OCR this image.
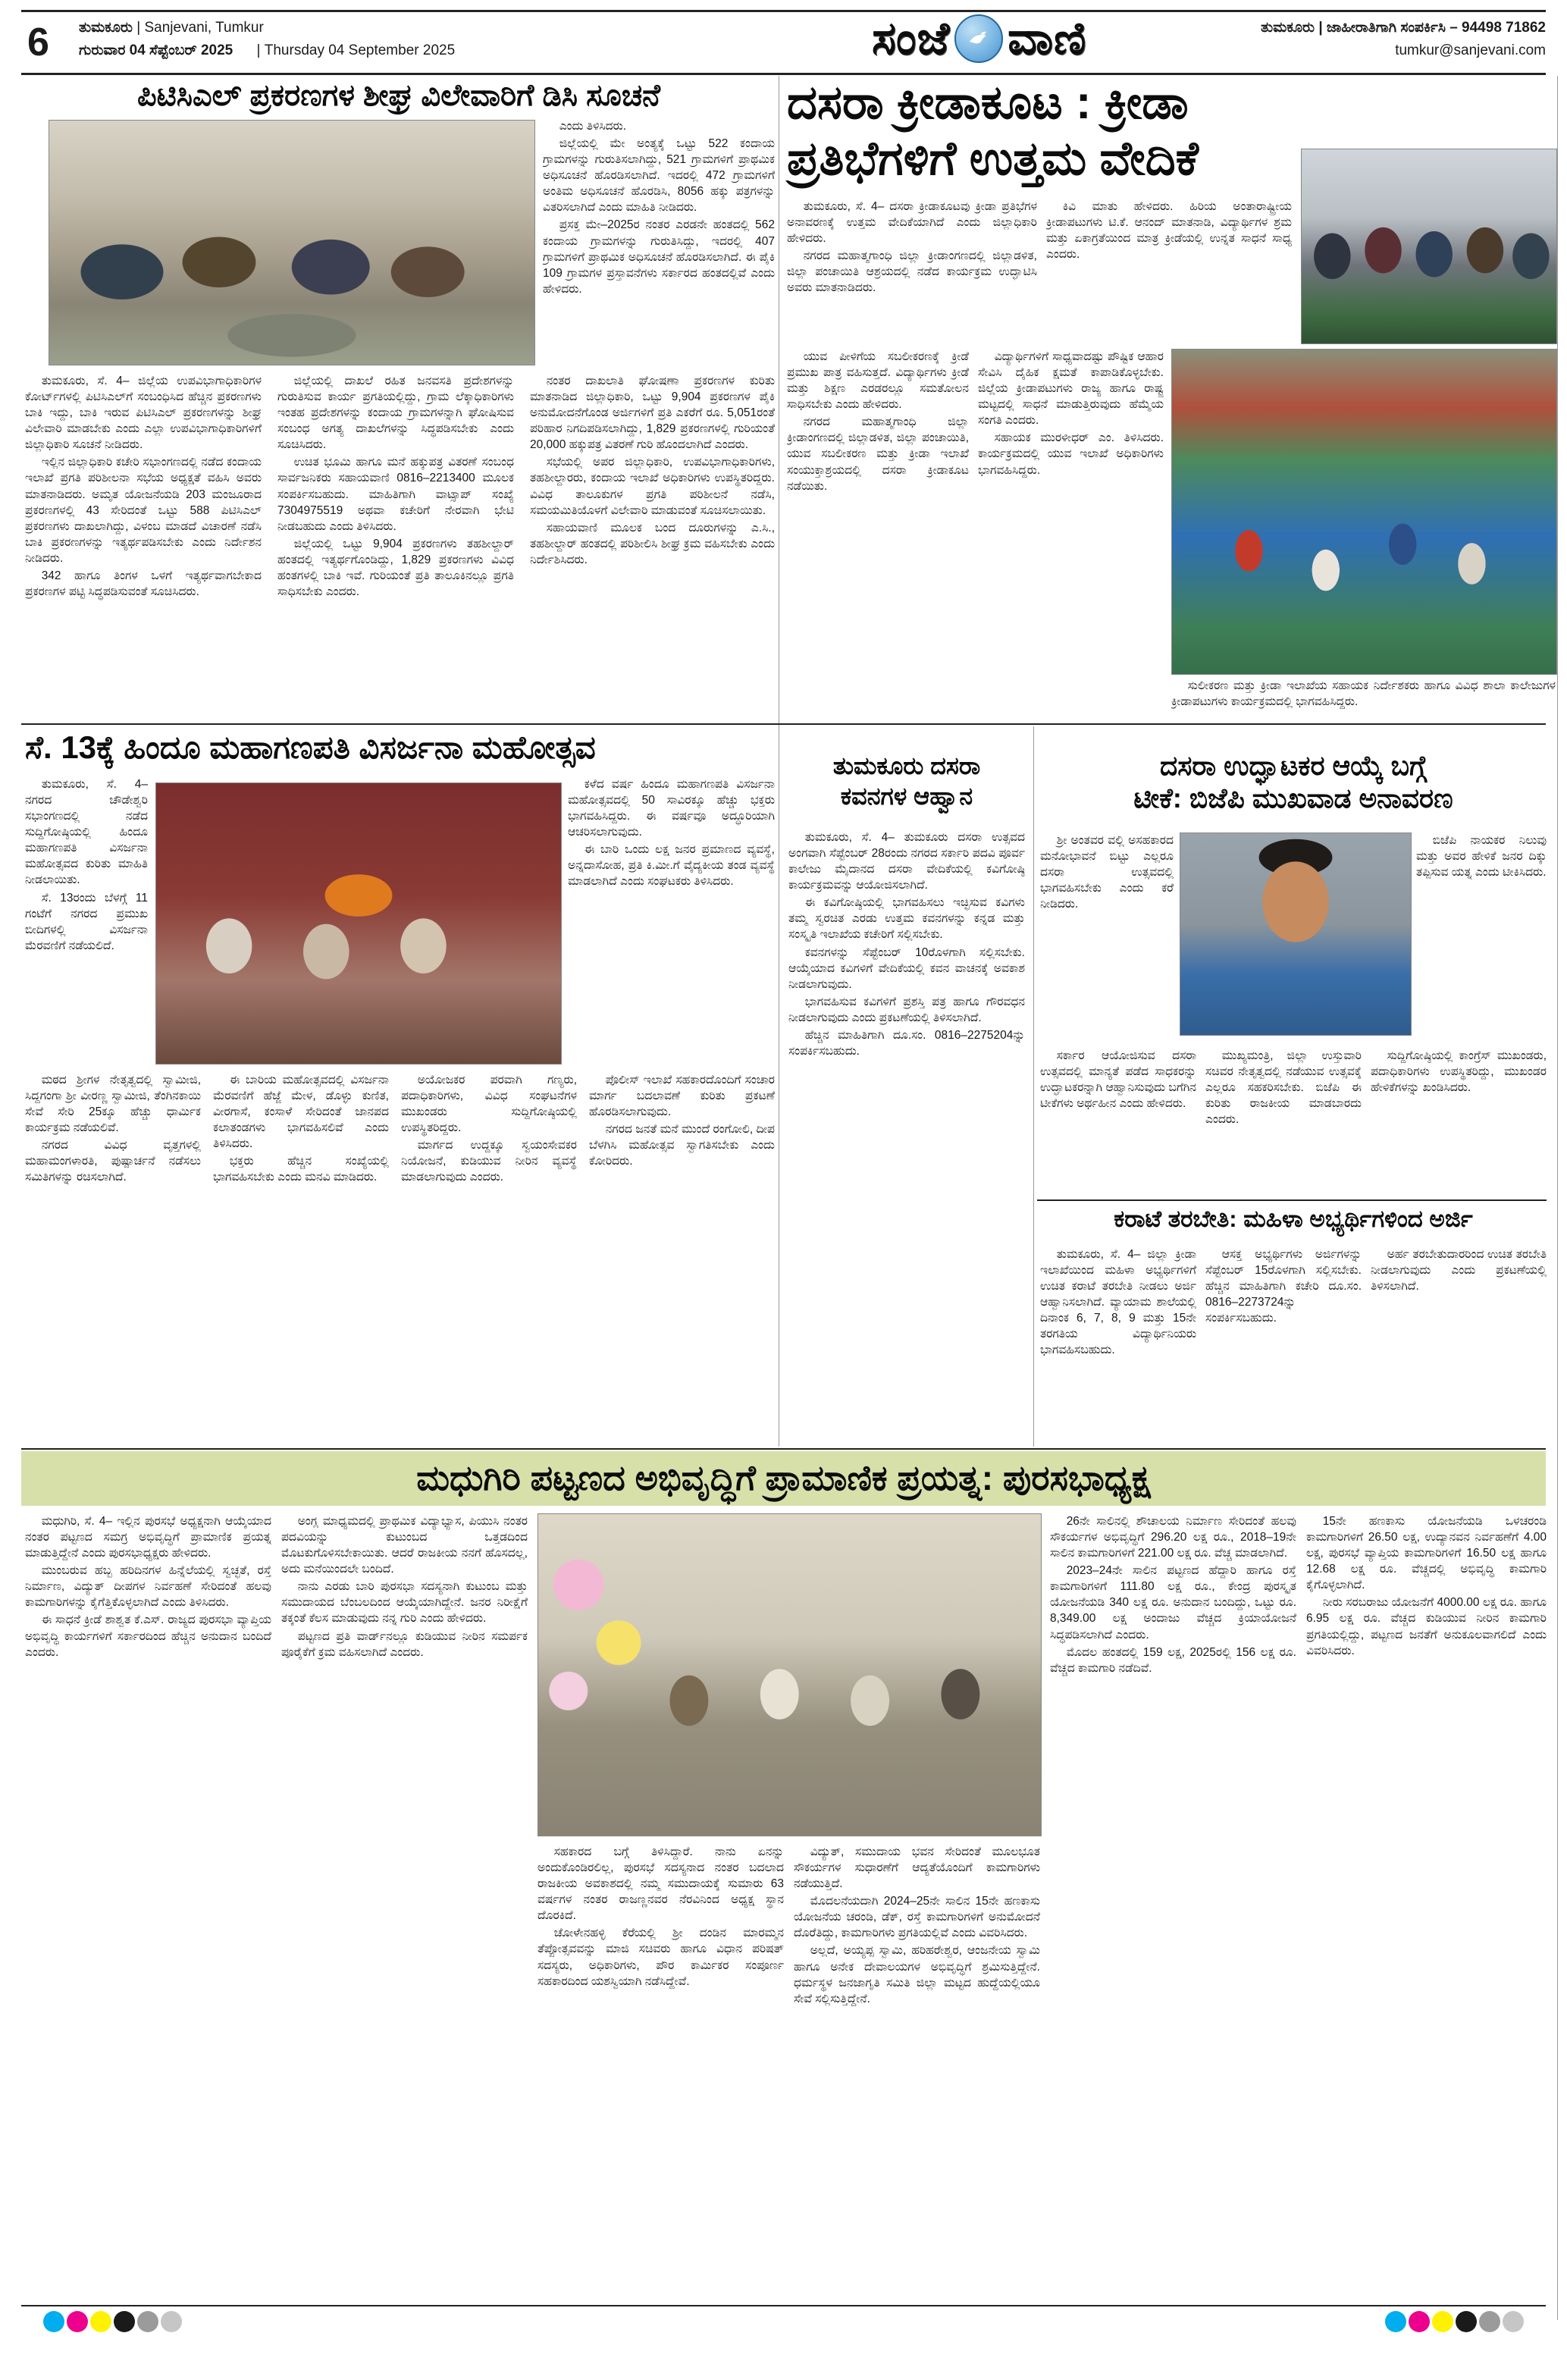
6 ತುಮಕೂರು | Sanjevani, Tumkur
ಗುರುವಾರ 04 ಸೆಪ್ಟೆಂಬರ್ 2025 | Thursday 04 September 2025	ಸಂಜೆ ವಾಣಿ	ತುಮಕೂರು | ಜಾಹೀರಾತಿಗಾಗಿ ಸಂಪರ್ಕಿಸಿ – 94498 71862
tumkur@sanjevani.com
ಪಿಟಿಸಿಎಲ್ ಪ್ರಕರಣಗಳ ಶೀಘ್ರ ವಿಲೇವಾರಿಗೆ ಡಿಸಿ ಸೂಚನೆ

ಎಂದು ತಿಳಿಸಿದರು.

ಜಿಲ್ಲೆಯಲ್ಲಿ ಮೇ ಅಂತ್ಯಕ್ಕೆ ಒಟ್ಟು 522 ಕಂದಾಯ ಗ್ರಾಮಗಳನ್ನು ಗುರುತಿಸಲಾಗಿದ್ದು, 521 ಗ್ರಾಮಗಳಿಗೆ ಪ್ರಾಥಮಿಕ ಅಧಿಸೂಚನೆ ಹೊರಡಿಸಲಾಗಿದೆ. ಇದರಲ್ಲಿ 472 ಗ್ರಾಮಗಳಿಗೆ ಅಂತಿಮ ಅಧಿಸೂಚನೆ ಹೊರಡಿಸಿ, 8056 ಹಕ್ಕು ಪತ್ರಗಳನ್ನು ವಿತರಿಸಲಾಗಿದೆ ಎಂದು ಮಾಹಿತಿ ನೀಡಿದರು.

ಪ್ರಸಕ್ತ ಮೇ–2025ರ ನಂತರ ಎರಡನೇ ಹಂತದಲ್ಲಿ 562 ಕಂದಾಯ ಗ್ರಾಮಗಳನ್ನು ಗುರುತಿಸಿದ್ದು, ಇದರಲ್ಲಿ 407 ಗ್ರಾಮಗಳಿಗೆ ಪ್ರಾಥಮಿಕ ಅಧಿಸೂಚನೆ ಹೊರಡಿಸಲಾಗಿದೆ. ಈ ಪೈಕಿ 109 ಗ್ರಾಮಗಳ ಪ್ರಸ್ತಾವನೆಗಳು ಸರ್ಕಾರದ ಹಂತದಲ್ಲಿವೆ ಎಂದು ಹೇಳಿದರು.

ತುಮಕೂರು, ಸೆ. 4– ಜಿಲ್ಲೆಯ ಉಪವಿಭಾಗಾಧಿಕಾರಿಗಳ ಕೋರ್ಟ್‌ಗಳಲ್ಲಿ ಪಿಟಿಸಿಎಲ್‌ಗೆ ಸಂಬಂಧಿಸಿದ ಹೆಚ್ಚಿನ ಪ್ರಕರಣಗಳು ಬಾಕಿ ಇದ್ದು, ಬಾಕಿ ಇರುವ ಪಿಟಿಸಿಎಲ್ ಪ್ರಕರಣಗಳನ್ನು ಶೀಘ್ರ ವಿಲೇವಾರಿ ಮಾಡಬೇಕು ಎಂದು ಎಲ್ಲಾ ಉಪವಿಭಾಗಾಧಿಕಾರಿಗಳಿಗೆ ಜಿಲ್ಲಾಧಿಕಾರಿ ಸೂಚನೆ ನೀಡಿದರು.

ಇಲ್ಲಿನ ಜಿಲ್ಲಾಧಿಕಾರಿ ಕಚೇರಿ ಸಭಾಂಗಣದಲ್ಲಿ ನಡೆದ ಕಂದಾಯ ಇಲಾಖೆ ಪ್ರಗತಿ ಪರಿಶೀಲನಾ ಸಭೆಯ ಅಧ್ಯಕ್ಷತೆ ವಹಿಸಿ ಅವರು ಮಾತನಾಡಿದರು. ಅಮೃತ ಯೋಜನೆಯಡಿ 203 ಮಂಜೂರಾದ ಪ್ರಕರಣಗಳಲ್ಲಿ 43 ಸೇರಿದಂತೆ ಒಟ್ಟು 588 ಪಿಟಿಸಿಎಲ್ ಪ್ರಕರಣಗಳು ದಾಖಲಾಗಿದ್ದು, ವಿಳಂಬ ಮಾಡದೆ ವಿಚಾರಣೆ ನಡೆಸಿ ಬಾಕಿ ಪ್ರಕರಣಗಳನ್ನು ಇತ್ಯರ್ಥಪಡಿಸಬೇಕು ಎಂದು ನಿರ್ದೇಶನ ನೀಡಿದರು.

342 ಹಾಗೂ ತಿಂಗಳ ಒಳಗೆ ಇತ್ಯರ್ಥವಾಗಬೇಕಾದ ಪ್ರಕರಣಗಳ ಪಟ್ಟಿ ಸಿದ್ಧಪಡಿಸುವಂತೆ ಸೂಚಿಸಿದರು.

ಜಿಲ್ಲೆಯಲ್ಲಿ ದಾಖಲೆ ರಹಿತ ಜನವಸತಿ ಪ್ರದೇಶಗಳನ್ನು ಗುರುತಿಸುವ ಕಾರ್ಯ ಪ್ರಗತಿಯಲ್ಲಿದ್ದು, ಗ್ರಾಮ ಲೆಕ್ಕಾಧಿಕಾರಿಗಳು ಇಂತಹ ಪ್ರದೇಶಗಳನ್ನು ಕಂದಾಯ ಗ್ರಾಮಗಳನ್ನಾಗಿ ಘೋಷಿಸುವ ಸಂಬಂಧ ಅಗತ್ಯ ದಾಖಲೆಗಳನ್ನು ಸಿದ್ಧಪಡಿಸಬೇಕು ಎಂದು ಸೂಚಿಸಿದರು.

ಉಚಿತ ಭೂಮಿ ಹಾಗೂ ಮನೆ ಹಕ್ಕುಪತ್ರ ವಿತರಣೆ ಸಂಬಂಧ ಸಾರ್ವಜನಿಕರು ಸಹಾಯವಾಣಿ 0816–2213400 ಮೂಲಕ ಸಂಪರ್ಕಿಸಬಹುದು. ಮಾಹಿತಿಗಾಗಿ ವಾಟ್ಸಾಪ್ ಸಂಖ್ಯೆ 7304975519 ಅಥವಾ ಕಚೇರಿಗೆ ನೇರವಾಗಿ ಭೇಟಿ ನೀಡಬಹುದು ಎಂದು ತಿಳಿಸಿದರು.

ಜಿಲ್ಲೆಯಲ್ಲಿ ಒಟ್ಟು 9,904 ಪ್ರಕರಣಗಳು ತಹಶೀಲ್ದಾರ್ ಹಂತದಲ್ಲಿ ಇತ್ಯರ್ಥಗೊಂಡಿದ್ದು, 1,829 ಪ್ರಕರಣಗಳು ವಿವಿಧ ಹಂತಗಳಲ್ಲಿ ಬಾಕಿ ಇವೆ. ಗುರಿಯಂತೆ ಪ್ರತಿ ತಾಲೂಕಿನಲ್ಲೂ ಪ್ರಗತಿ ಸಾಧಿಸಬೇಕು ಎಂದರು.

ನಂತರ ದಾಖಲಾತಿ ಘೋಷಣಾ ಪ್ರಕರಣಗಳ ಕುರಿತು ಮಾತನಾಡಿದ ಜಿಲ್ಲಾಧಿಕಾರಿ, ಒಟ್ಟು 9,904 ಪ್ರಕರಣಗಳ ಪೈಕಿ ಅನುಮೋದನೆಗೊಂಡ ಅರ್ಜಿಗಳಿಗೆ ಪ್ರತಿ ಎಕರೆಗೆ ರೂ. 5,051ರಂತೆ ಪರಿಹಾರ ನಿಗದಿಪಡಿಸಲಾಗಿದ್ದು, 1,829 ಪ್ರಕರಣಗಳಲ್ಲಿ ಗುರಿಯಂತೆ 20,000 ಹಕ್ಕುಪತ್ರ ವಿತರಣೆ ಗುರಿ ಹೊಂದಲಾಗಿದೆ ಎಂದರು.

ಸಭೆಯಲ್ಲಿ ಅಪರ ಜಿಲ್ಲಾಧಿಕಾರಿ, ಉಪವಿಭಾಗಾಧಿಕಾರಿಗಳು, ತಹಶೀಲ್ದಾರರು, ಕಂದಾಯ ಇಲಾಖೆ ಅಧಿಕಾರಿಗಳು ಉಪಸ್ಥಿತರಿದ್ದರು. ವಿವಿಧ ತಾಲೂಕುಗಳ ಪ್ರಗತಿ ಪರಿಶೀಲನೆ ನಡೆಸಿ, ಸಮಯಮಿತಿಯೊಳಗೆ ವಿಲೇವಾರಿ ಮಾಡುವಂತೆ ಸೂಚಿಸಲಾಯಿತು.

ಸಹಾಯವಾಣಿ ಮೂಲಕ ಬಂದ ದೂರುಗಳನ್ನು ಎ.ಸಿ., ತಹಶೀಲ್ದಾರ್ ಹಂತದಲ್ಲಿ ಪರಿಶೀಲಿಸಿ ಶೀಘ್ರ ಕ್ರಮ ವಹಿಸಬೇಕು ಎಂದು ನಿರ್ದೇಶಿಸಿದರು.

ದಸರಾ ಕ್ರೀಡಾಕೂಟ : ಕ್ರೀಡಾ
ಪ್ರತಿಭೆಗಳಿಗೆ ಉತ್ತಮ ವೇದಿಕೆ

ತುಮಕೂರು, ಸೆ. 4– ದಸರಾ ಕ್ರೀಡಾಕೂಟವು ಕ್ರೀಡಾ ಪ್ರತಿಭೆಗಳ ಅನಾವರಣಕ್ಕೆ ಉತ್ತಮ ವೇದಿಕೆಯಾಗಿದೆ ಎಂದು ಜಿಲ್ಲಾಧಿಕಾರಿ ಹೇಳಿದರು.

ನಗರದ ಮಹಾತ್ಮಗಾಂಧಿ ಜಿಲ್ಲಾ ಕ್ರೀಡಾಂಗಣದಲ್ಲಿ ಜಿಲ್ಲಾಡಳಿತ, ಜಿಲ್ಲಾ ಪಂಚಾಯಿತಿ ಆಶ್ರಯದಲ್ಲಿ ನಡೆದ ಕಾರ್ಯಕ್ರಮ ಉದ್ಘಾಟಿಸಿ ಅವರು ಮಾತನಾಡಿದರು.

ಕಿವಿ ಮಾತು ಹೇಳಿದರು. ಹಿರಿಯ ಅಂತಾರಾಷ್ಟ್ರೀಯ ಕ್ರೀಡಾಪಟುಗಳು ಟಿ.ಕೆ. ಆನಂದ್ ಮಾತನಾಡಿ, ವಿದ್ಯಾರ್ಥಿಗಳ ಶ್ರಮ ಮತ್ತು ಏಕಾಗ್ರತೆಯಿಂದ ಮಾತ್ರ ಕ್ರೀಡೆಯಲ್ಲಿ ಉನ್ನತ ಸಾಧನೆ ಸಾಧ್ಯ ಎಂದರು.

ಯುವ ಪೀಳಿಗೆಯ ಸಬಲೀಕರಣಕ್ಕೆ ಕ್ರೀಡೆ ಪ್ರಮುಖ ಪಾತ್ರ ವಹಿಸುತ್ತದೆ. ವಿದ್ಯಾರ್ಥಿಗಳು ಕ್ರೀಡೆ ಮತ್ತು ಶಿಕ್ಷಣ ಎರಡರಲ್ಲೂ ಸಮತೋಲನ ಸಾಧಿಸಬೇಕು ಎಂದು ಹೇಳಿದರು.

ನಗರದ ಮಹಾತ್ಮಗಾಂಧಿ ಜಿಲ್ಲಾ ಕ್ರೀಡಾಂಗಣದಲ್ಲಿ ಜಿಲ್ಲಾಡಳಿತ, ಜಿಲ್ಲಾ ಪಂಚಾಯಿತಿ, ಯುವ ಸಬಲೀಕರಣ ಮತ್ತು ಕ್ರೀಡಾ ಇಲಾಖೆ ಸಂಯುಕ್ತಾಶ್ರಯದಲ್ಲಿ ದಸರಾ ಕ್ರೀಡಾಕೂಟ ನಡೆಯಿತು.

ವಿದ್ಯಾರ್ಥಿಗಳಿಗೆ ಸಾಧ್ಯವಾದಷ್ಟು ಪೌಷ್ಟಿಕ ಆಹಾರ ಸೇವಿಸಿ ದೈಹಿಕ ಕ್ಷಮತೆ ಕಾಪಾಡಿಕೊಳ್ಳಬೇಕು. ಜಿಲ್ಲೆಯ ಕ್ರೀಡಾಪಟುಗಳು ರಾಜ್ಯ ಹಾಗೂ ರಾಷ್ಟ್ರ ಮಟ್ಟದಲ್ಲಿ ಸಾಧನೆ ಮಾಡುತ್ತಿರುವುದು ಹೆಮ್ಮೆಯ ಸಂಗತಿ ಎಂದರು.

ಸಹಾಯಕ ಮುರಳೀಧರ್ ಎಂ. ತಿಳಿಸಿದರು. ಕಾರ್ಯಕ್ರಮದಲ್ಲಿ ಯುವ ಇಲಾಖೆ ಅಧಿಕಾರಿಗಳು ಭಾಗವಹಿಸಿದ್ದರು.

ಸುಲೀಕರಣ ಮತ್ತು ಕ್ರೀಡಾ ಇಲಾಖೆಯ ಸಹಾಯಕ ನಿರ್ದೇಶಕರು ಹಾಗೂ ವಿವಿಧ ಶಾಲಾ ಕಾಲೇಜುಗಳ ಕ್ರೀಡಾಪಟುಗಳು ಕಾರ್ಯಕ್ರಮದಲ್ಲಿ ಭಾಗವಹಿಸಿದ್ದರು.

ಸೆ. 13ಕ್ಕೆ ಹಿಂದೂ ಮಹಾಗಣಪತಿ ವಿಸರ್ಜನಾ ಮಹೋತ್ಸವ

ತುಮಕೂರು, ಸೆ. 4– ನಗರದ ಚೌಡೇಶ್ವರಿ ಸಭಾಂಗಣದಲ್ಲಿ ನಡೆದ ಸುದ್ದಿಗೋಷ್ಠಿಯಲ್ಲಿ ಹಿಂದೂ ಮಹಾಗಣಪತಿ ವಿಸರ್ಜನಾ ಮಹೋತ್ಸವದ ಕುರಿತು ಮಾಹಿತಿ ನೀಡಲಾಯಿತು.

ಸೆ. 13ರಂದು ಬೆಳಗ್ಗೆ 11 ಗಂಟೆಗೆ ನಗರದ ಪ್ರಮುಖ ಬೀದಿಗಳಲ್ಲಿ ವಿಸರ್ಜನಾ ಮೆರವಣಿಗೆ ನಡೆಯಲಿದೆ.

ಕಳೆದ ವರ್ಷ ಹಿಂದೂ ಮಹಾಗಣಪತಿ ವಿಸರ್ಜನಾ ಮಹೋತ್ಸವದಲ್ಲಿ 50 ಸಾವಿರಕ್ಕೂ ಹೆಚ್ಚು ಭಕ್ತರು ಭಾಗವಹಿಸಿದ್ದರು. ಈ ವರ್ಷವೂ ಅದ್ಧೂರಿಯಾಗಿ ಆಚರಿಸಲಾಗುವುದು.

ಈ ಬಾರಿ ಒಂದು ಲಕ್ಷ ಜನರ ಪ್ರಮಾಣದ ವ್ಯವಸ್ಥೆ, ಅನ್ನದಾಸೋಹ, ಪ್ರತಿ ಕಿ.ಮೀ.ಗೆ ವೈದ್ಯಕೀಯ ತಂಡ ವ್ಯವಸ್ಥೆ ಮಾಡಲಾಗಿದೆ ಎಂದು ಸಂಘಟಕರು ತಿಳಿಸಿದರು.

ಮಠದ ಶ್ರೀಗಳ ನೇತೃತ್ವದಲ್ಲಿ ಸ್ವಾಮೀಜಿ, ಸಿದ್ದಗಂಗಾ ಶ್ರೀ ವೀರಣ್ಣ ಸ್ವಾಮೀಜಿ, ತೆಂಗಿನಕಾಯಿ ಸೇವೆ ಸೇರಿ 25ಕ್ಕೂ ಹೆಚ್ಚು ಧಾರ್ಮಿಕ ಕಾರ್ಯಕ್ರಮ ನಡೆಯಲಿವೆ.

ನಗರದ ವಿವಿಧ ವೃತ್ತಗಳಲ್ಲಿ ಮಹಾಮಂಗಳಾರತಿ, ಪುಷ್ಪಾರ್ಚನೆ ನಡೆಸಲು ಸಮಿತಿಗಳನ್ನು ರಚಿಸಲಾಗಿದೆ.

ಈ ಬಾರಿಯ ಮಹೋತ್ಸವದಲ್ಲಿ ವಿಸರ್ಜನಾ ಮೆರವಣಿಗೆ ಹೆಜ್ಜೆ ಮೇಳ, ಡೊಳ್ಳು ಕುಣಿತ, ವೀರಗಾಸೆ, ಕಂಸಾಳೆ ಸೇರಿದಂತೆ ಜಾನಪದ ಕಲಾತಂಡಗಳು ಭಾಗವಹಿಸಲಿವೆ ಎಂದು ತಿಳಿಸಿದರು.

ಭಕ್ತರು ಹೆಚ್ಚಿನ ಸಂಖ್ಯೆಯಲ್ಲಿ ಭಾಗವಹಿಸಬೇಕು ಎಂದು ಮನವಿ ಮಾಡಿದರು.

ಅಯೋಜಕರ ಪರವಾಗಿ ಗಣ್ಯರು, ಪದಾಧಿಕಾರಿಗಳು, ವಿವಿಧ ಸಂಘಟನೆಗಳ ಮುಖಂಡರು ಸುದ್ದಿಗೋಷ್ಠಿಯಲ್ಲಿ ಉಪಸ್ಥಿತರಿದ್ದರು.

ಮಾರ್ಗದ ಉದ್ದಕ್ಕೂ ಸ್ವಯಂಸೇವಕರ ನಿಯೋಜನೆ, ಕುಡಿಯುವ ನೀರಿನ ವ್ಯವಸ್ಥೆ ಮಾಡಲಾಗುವುದು ಎಂದರು.

ಪೊಲೀಸ್ ಇಲಾಖೆ ಸಹಕಾರದೊಂದಿಗೆ ಸಂಚಾರ ಮಾರ್ಗ ಬದಲಾವಣೆ ಕುರಿತು ಪ್ರಕಟಣೆ ಹೊರಡಿಸಲಾಗುವುದು.

ನಗರದ ಜನತೆ ಮನೆ ಮುಂದೆ ರಂಗೋಲಿ, ದೀಪ ಬೆಳಗಿಸಿ ಮಹೋತ್ಸವ ಸ್ವಾಗತಿಸಬೇಕು ಎಂದು ಕೋರಿದರು.

ತುಮಕೂರು ದಸರಾ
ಕವನಗಳ ಆಹ್ವಾನ

ತುಮಕೂರು, ಸೆ. 4– ತುಮಕೂರು ದಸರಾ ಉತ್ಸವದ ಅಂಗವಾಗಿ ಸೆಪ್ಟೆಂಬರ್ 28ರಂದು ನಗರದ ಸರ್ಕಾರಿ ಪದವಿ ಪೂರ್ವ ಕಾಲೇಜು ಮೈದಾನದ ದಸರಾ ವೇದಿಕೆಯಲ್ಲಿ ಕವಿಗೋಷ್ಠಿ ಕಾರ್ಯಕ್ರಮವನ್ನು ಆಯೋಜಿಸಲಾಗಿದೆ.

ಈ ಕವಿಗೋಷ್ಠಿಯಲ್ಲಿ ಭಾಗವಹಿಸಲು ಇಚ್ಛಿಸುವ ಕವಿಗಳು ತಮ್ಮ ಸ್ವರಚಿತ ಎರಡು ಉತ್ತಮ ಕವನಗಳನ್ನು ಕನ್ನಡ ಮತ್ತು ಸಂಸ್ಕೃತಿ ಇಲಾಖೆಯ ಕಚೇರಿಗೆ ಸಲ್ಲಿಸಬೇಕು.

ಕವನಗಳನ್ನು ಸೆಪ್ಟೆಂಬರ್ 10ರೊಳಗಾಗಿ ಸಲ್ಲಿಸಬೇಕು. ಆಯ್ಕೆಯಾದ ಕವಿಗಳಿಗೆ ವೇದಿಕೆಯಲ್ಲಿ ಕವನ ವಾಚನಕ್ಕೆ ಅವಕಾಶ ನೀಡಲಾಗುವುದು.

ಭಾಗವಹಿಸುವ ಕವಿಗಳಿಗೆ ಪ್ರಶಸ್ತಿ ಪತ್ರ ಹಾಗೂ ಗೌರವಧನ ನೀಡಲಾಗುವುದು ಎಂದು ಪ್ರಕಟಣೆಯಲ್ಲಿ ತಿಳಿಸಲಾಗಿದೆ.

ಹೆಚ್ಚಿನ ಮಾಹಿತಿಗಾಗಿ ದೂ.ಸಂ. 0816–2275204ನ್ನು ಸಂಪರ್ಕಿಸಬಹುದು.

ದಸರಾ ಉದ್ಘಾಟಕರ ಆಯ್ಕೆ ಬಗ್ಗೆ
ಟೀಕೆ: ಬಿಜೆಪಿ ಮುಖವಾಡ ಅನಾವರಣ

ಶ್ರೀ ಅಂತವರ ವಲ್ಲಿ ಅಸಹಕಾರದ ಮನೋಭಾವನೆ ಬಿಟ್ಟು ಎಲ್ಲರೂ ದಸರಾ ಉತ್ಸವದಲ್ಲಿ ಭಾಗವಹಿಸಬೇಕು ಎಂದು ಕರೆ ನೀಡಿದರು.

ಬಿಜೆಪಿ ನಾಯಕರ ನಿಲುವು ಮತ್ತು ಅವರ ಹೇಳಿಕೆ ಜನರ ದಿಕ್ಕು ತಪ್ಪಿಸುವ ಯತ್ನ ಎಂದು ಟೀಕಿಸಿದರು.

ಸರ್ಕಾರ ಆಯೋಜಿಸುವ ದಸರಾ ಉತ್ಸವದಲ್ಲಿ ಮಾನ್ಯತೆ ಪಡೆದ ಸಾಧಕರನ್ನು ಉದ್ಘಾಟಕರನ್ನಾಗಿ ಆಹ್ವಾನಿಸುವುದು ಬಗೆಗಿನ ಟೀಕೆಗಳು ಅರ್ಥಹೀನ ಎಂದು ಹೇಳಿದರು.

ಮುಖ್ಯಮಂತ್ರಿ, ಜಿಲ್ಲಾ ಉಸ್ತುವಾರಿ ಸಚಿವರ ನೇತೃತ್ವದಲ್ಲಿ ನಡೆಯುವ ಉತ್ಸವಕ್ಕೆ ಎಲ್ಲರೂ ಸಹಕರಿಸಬೇಕು. ಬಿಜೆಪಿ ಈ ಕುರಿತು ರಾಜಕೀಯ ಮಾಡಬಾರದು ಎಂದರು.

ಸುದ್ದಿಗೋಷ್ಠಿಯಲ್ಲಿ ಕಾಂಗ್ರೆಸ್ ಮುಖಂಡರು, ಪದಾಧಿಕಾರಿಗಳು ಉಪಸ್ಥಿತರಿದ್ದು, ಮುಖಂಡರ ಹೇಳಿಕೆಗಳನ್ನು ಖಂಡಿಸಿದರು.

ಕರಾಟೆ ತರಬೇತಿ: ಮಹಿಳಾ ಅಭ್ಯರ್ಥಿಗಳಿಂದ ಅರ್ಜಿ

ತುಮಕೂರು, ಸೆ. 4– ಜಿಲ್ಲಾ ಕ್ರೀಡಾ ಇಲಾಖೆಯಿಂದ ಮಹಿಳಾ ಅಭ್ಯರ್ಥಿಗಳಿಗೆ ಉಚಿತ ಕರಾಟೆ ತರಬೇತಿ ನೀಡಲು ಅರ್ಜಿ ಆಹ್ವಾನಿಸಲಾಗಿದೆ. ವ್ಯಾಯಾಮ ಶಾಲೆಯಲ್ಲಿ ದಿನಾಂಕ 6, 7, 8, 9 ಮತ್ತು 15ನೇ ತರಗತಿಯ ವಿದ್ಯಾರ್ಥಿನಿಯರು ಭಾಗವಹಿಸಬಹುದು.

ಆಸಕ್ತ ಅಭ್ಯರ್ಥಿಗಳು ಅರ್ಜಿಗಳನ್ನು ಸೆಪ್ಟೆಂಬರ್ 15ರೊಳಗಾಗಿ ಸಲ್ಲಿಸಬೇಕು. ಹೆಚ್ಚಿನ ಮಾಹಿತಿಗಾಗಿ ಕಚೇರಿ ದೂ.ಸಂ. 0816–2273724ನ್ನು ಸಂಪರ್ಕಿಸಬಹುದು.

ಅರ್ಹ ತರಬೇತುದಾರರಿಂದ ಉಚಿತ ತರಬೇತಿ ನೀಡಲಾಗುವುದು ಎಂದು ಪ್ರಕಟಣೆಯಲ್ಲಿ ತಿಳಿಸಲಾಗಿದೆ.

ಮಧುಗಿರಿ ಪಟ್ಟಣದ ಅಭಿವೃದ್ಧಿಗೆ ಪ್ರಾಮಾಣಿಕ ಪ್ರಯತ್ನ: ಪುರಸಭಾಧ್ಯಕ್ಷ

ಮಧುಗಿರಿ, ಸೆ. 4– ಇಲ್ಲಿನ ಪುರಸಭೆ ಅಧ್ಯಕ್ಷನಾಗಿ ಆಯ್ಕೆಯಾದ ನಂತರ ಪಟ್ಟಣದ ಸಮಗ್ರ ಅಭಿವೃದ್ಧಿಗೆ ಪ್ರಾಮಾಣಿಕ ಪ್ರಯತ್ನ ಮಾಡುತ್ತಿದ್ದೇನೆ ಎಂದು ಪುರಸಭಾಧ್ಯಕ್ಷರು ಹೇಳಿದರು.

ಮುಂಬರುವ ಹಬ್ಬ ಹರಿದಿನಗಳ ಹಿನ್ನೆಲೆಯಲ್ಲಿ ಸ್ವಚ್ಛತೆ, ರಸ್ತೆ ನಿರ್ಮಾಣ, ವಿದ್ಯುತ್ ದೀಪಗಳ ನಿರ್ವಹಣೆ ಸೇರಿದಂತೆ ಹಲವು ಕಾಮಗಾರಿಗಳನ್ನು ಕೈಗೆತ್ತಿಕೊಳ್ಳಲಾಗಿದೆ ಎಂದು ತಿಳಿಸಿದರು.

ಈ ಸಾಧನೆ ಕ್ರೀಡೆ ಶಾಶ್ವತ ಕೆ.ಎಸ್. ರಾಜ್ಯದ ಪುರಸಭಾ ವ್ಯಾಪ್ತಿಯ ಅಭಿವೃದ್ಧಿ ಕಾರ್ಯಗಳಿಗೆ ಸರ್ಕಾರದಿಂದ ಹೆಚ್ಚಿನ ಅನುದಾನ ಬಂದಿದೆ ಎಂದರು.

ಅಂಗ್ಲ ಮಾಧ್ಯಮದಲ್ಲಿ ಪ್ರಾಥಮಿಕ ವಿದ್ಯಾಭ್ಯಾಸ, ಪಿಯುಸಿ ನಂತರ ಪದವಿಯನ್ನು ಕುಟುಂಬದ ಒತ್ತಡದಿಂದ ಮೊಟಕುಗೊಳಿಸಬೇಕಾಯಿತು. ಆದರೆ ರಾಜಕೀಯ ನನಗೆ ಹೊಸದಲ್ಲ, ಅದು ಮನೆಯಿಂದಲೇ ಬಂದಿದೆ.

ನಾನು ಎರಡು ಬಾರಿ ಪುರಸಭಾ ಸದಸ್ಯನಾಗಿ ಕುಟುಂಬ ಮತ್ತು ಸಮುದಾಯದ ಬೆಂಬಲದಿಂದ ಆಯ್ಕೆಯಾಗಿದ್ದೇನೆ. ಜನರ ನಿರೀಕ್ಷೆಗೆ ತಕ್ಕಂತೆ ಕೆಲಸ ಮಾಡುವುದು ನನ್ನ ಗುರಿ ಎಂದು ಹೇಳಿದರು.

ಪಟ್ಟಣದ ಪ್ರತಿ ವಾರ್ಡ್‌ನಲ್ಲೂ ಕುಡಿಯುವ ನೀರಿನ ಸಮರ್ಪಕ ಪೂರೈಕೆಗೆ ಕ್ರಮ ವಹಿಸಲಾಗಿದೆ ಎಂದರು.

ಸಹಕಾರದ ಬಗ್ಗೆ ತಿಳಿಸಿದ್ದಾರೆ. ನಾನು ಏನನ್ನು ಅಂದುಕೊಂಡಿರಲಿಲ್ಲ, ಪುರಸಭೆ ಸದಸ್ಯನಾದ ನಂತರ ಬದಲಾದ ರಾಜಕೀಯ ಅವಕಾಶದಲ್ಲಿ ನಮ್ಮ ಸಮುದಾಯಕ್ಕೆ ಸುಮಾರು 63 ವರ್ಷಗಳ ನಂತರ ರಾಜಣ್ಣನವರ ನೆರವಿನಿಂದ ಅಧ್ಯಕ್ಷ ಸ್ಥಾನ ದೊರಕಿದೆ.

ಚೋಳೇನಹಳ್ಳಿ ಕೆರೆಯಲ್ಲಿ ಶ್ರೀ ದಂಡಿನ ಮಾರಮ್ಮನ ತೆಪ್ಪೋತ್ಸವವನ್ನು ಮಾಜಿ ಸಚಿವರು ಹಾಗೂ ವಿಧಾನ ಪರಿಷತ್ ಸದಸ್ಯರು, ಅಧಿಕಾರಿಗಳು, ಪೌರ ಕಾರ್ಮಿಕರ ಸಂಪೂರ್ಣ ಸಹಕಾರದಿಂದ ಯಶಸ್ವಿಯಾಗಿ ನಡೆಸಿದ್ದೇವೆ.

ವಿದ್ಯುತ್, ಸಮುದಾಯ ಭವನ ಸೇರಿದಂತೆ ಮೂಲಭೂತ ಸೌಕರ್ಯಗಳ ಸುಧಾರಣೆಗೆ ಆದ್ಯತೆಯೊಂದಿಗೆ ಕಾಮಗಾರಿಗಳು ನಡೆಯುತ್ತಿದೆ.

ಮೊದಲನೆಯದಾಗಿ 2024–25ನೇ ಸಾಲಿನ 15ನೇ ಹಣಕಾಸು ಯೋಜನೆಯ ಚರಂಡಿ, ಡೆಕ್, ರಸ್ತೆ ಕಾಮಗಾರಿಗಳಿಗೆ ಅನುಮೋದನೆ ದೊರೆತಿದ್ದು, ಕಾಮಗಾರಿಗಳು ಪ್ರಗತಿಯಲ್ಲಿವೆ ಎಂದು ವಿವರಿಸಿದರು.

ಅಲ್ಲದೆ, ಅಯ್ಯಪ್ಪ ಸ್ವಾಮಿ, ಹರಿಹರೇಶ್ವರ, ಆಂಜನೇಯ ಸ್ವಾಮಿ ಹಾಗೂ ಅನೇಕ ದೇವಾಲಯಗಳ ಅಭಿವೃದ್ಧಿಗೆ ಶ್ರಮಿಸುತ್ತಿದ್ದೇನೆ. ಧರ್ಮಸ್ಥಳ ಜನಜಾಗೃತಿ ಸಮಿತಿ ಜಿಲ್ಲಾ ಮಟ್ಟದ ಹುದ್ದೆಯಲ್ಲಿಯೂ ಸೇವೆ ಸಲ್ಲಿಸುತ್ತಿದ್ದೇನೆ.

26ನೇ ಸಾಲಿನಲ್ಲಿ ಶೌಚಾಲಯ ನಿರ್ಮಾಣ ಸೇರಿದಂತೆ ಹಲವು ಸೌಕರ್ಯಗಳ ಅಭಿವೃದ್ಧಿಗೆ 296.20 ಲಕ್ಷ ರೂ., 2018–19ನೇ ಸಾಲಿನ ಕಾಮಗಾರಿಗಳಿಗೆ 221.00 ಲಕ್ಷ ರೂ. ವೆಚ್ಚ ಮಾಡಲಾಗಿದೆ.

2023–24ನೇ ಸಾಲಿನ ಪಟ್ಟಣದ ಹೆದ್ದಾರಿ ಹಾಗೂ ರಸ್ತೆ ಕಾಮಗಾರಿಗಳಿಗೆ 111.80 ಲಕ್ಷ ರೂ., ಕೇಂದ್ರ ಪುರಸ್ಕೃತ ಯೋಜನೆಯಡಿ 340 ಲಕ್ಷ ರೂ. ಅನುದಾನ ಬಂದಿದ್ದು, ಒಟ್ಟು ರೂ. 8,349.00 ಲಕ್ಷ ಅಂದಾಜು ವೆಚ್ಚದ ಕ್ರಿಯಾಯೋಜನೆ ಸಿದ್ಧಪಡಿಸಲಾಗಿದೆ ಎಂದರು.

ಮೊದಲ ಹಂತದಲ್ಲಿ 159 ಲಕ್ಷ, 2025ರಲ್ಲಿ 156 ಲಕ್ಷ ರೂ. ವೆಚ್ಚದ ಕಾಮಗಾರಿ ನಡೆದಿವೆ.

15ನೇ ಹಣಕಾಸು ಯೋಜನೆಯಡಿ ಒಳಚರಂಡಿ ಕಾಮಗಾರಿಗಳಿಗೆ 26.50 ಲಕ್ಷ, ಉದ್ಯಾನವನ ನಿರ್ವಹಣೆಗೆ 4.00 ಲಕ್ಷ, ಪುರಸಭೆ ವ್ಯಾಪ್ತಿಯ ಕಾಮಗಾರಿಗಳಿಗೆ 16.50 ಲಕ್ಷ ಹಾಗೂ 12.68 ಲಕ್ಷ ರೂ. ವೆಚ್ಚದಲ್ಲಿ ಅಭಿವೃದ್ಧಿ ಕಾಮಗಾರಿ ಕೈಗೊಳ್ಳಲಾಗಿದೆ.

ನೀರು ಸರಬರಾಜು ಯೋಜನೆಗೆ 4000.00 ಲಕ್ಷ ರೂ. ಹಾಗೂ 6.95 ಲಕ್ಷ ರೂ. ವೆಚ್ಚದ ಕುಡಿಯುವ ನೀರಿನ ಕಾಮಗಾರಿ ಪ್ರಗತಿಯಲ್ಲಿದ್ದು, ಪಟ್ಟಣದ ಜನತೆಗೆ ಅನುಕೂಲವಾಗಲಿದೆ ಎಂದು ವಿವರಿಸಿದರು.
